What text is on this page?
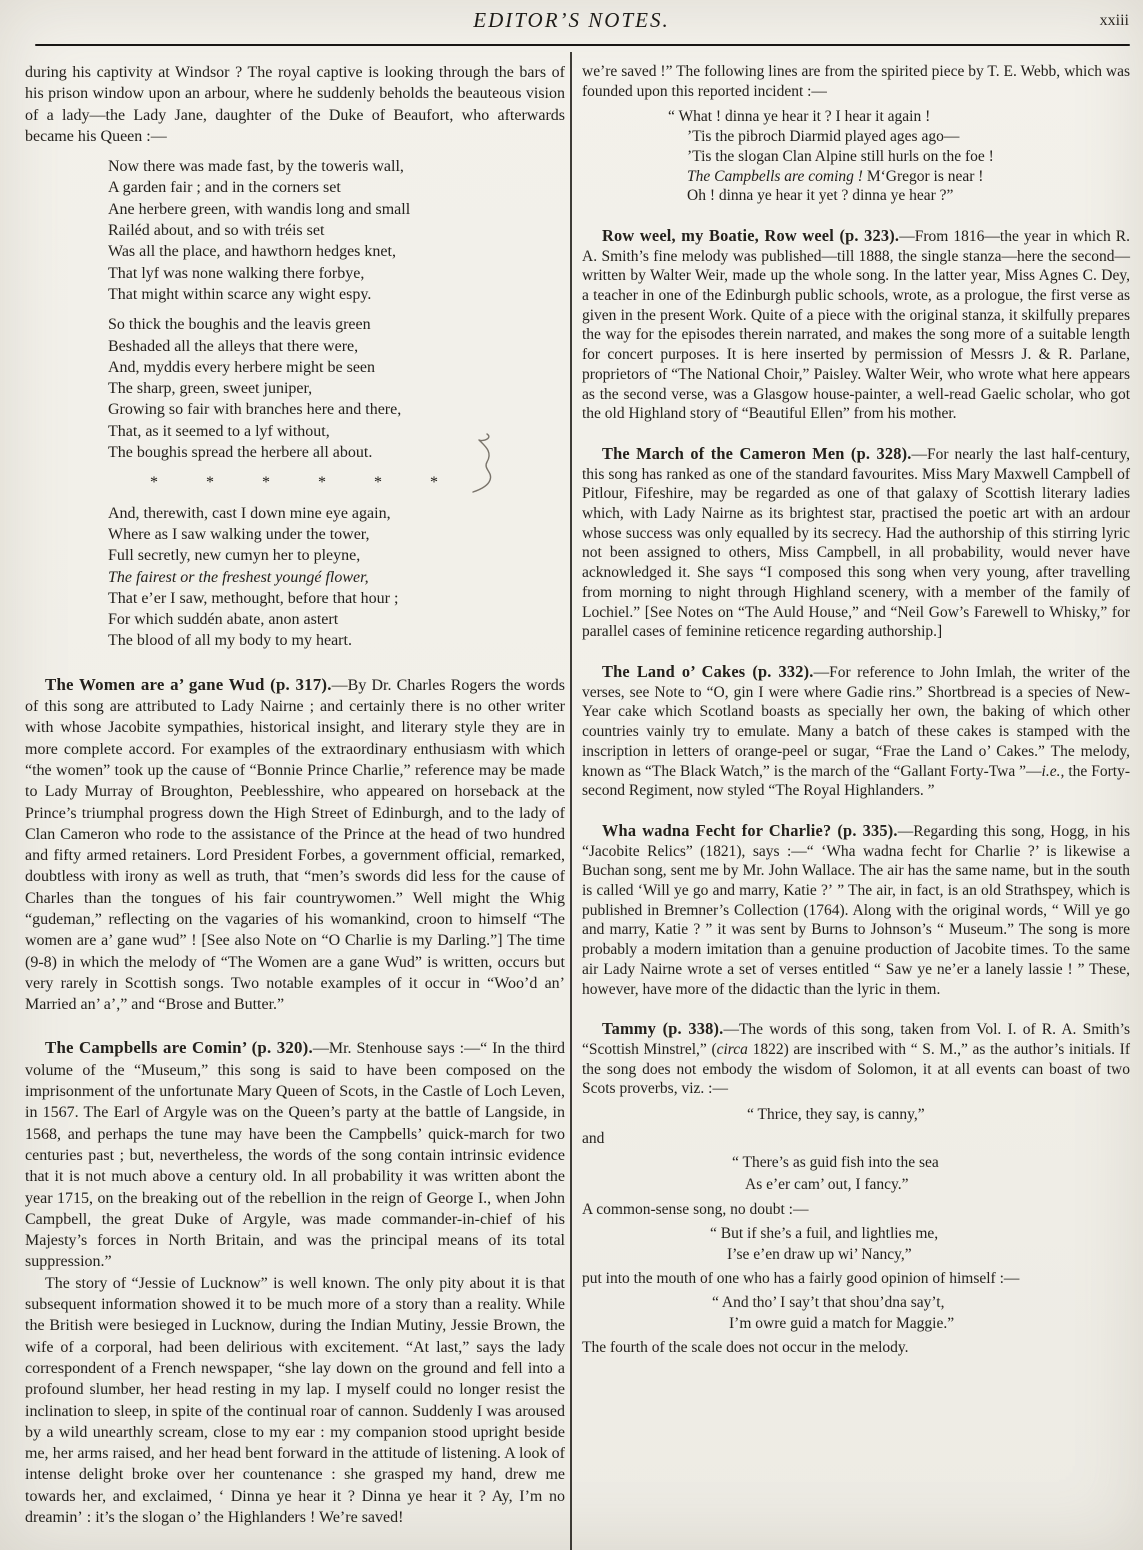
EDITOR’S NOTES.	xxiii

during his captivity at Windsor ? The royal captive is looking through the bars of his prison window upon an arbour, where he suddenly beholds the beauteous vision of a lady—the Lady Jane, daughter of the Duke of Beaufort, who afterwards became his Queen :—

Now there was made fast, by the toweris wall,
A garden fair ; and in the corners set
Ane herbere green, with wandis long and small
Railéd about, and so with tréis set
Was all the place, and hawthorn hedges knet,
That lyf was none walking there forbye,
That might within scarce any wight espy.
So thick the boughis and the leavis green
Beshaded all the alleys that there were,
And, myddis every herbere might be seen
The sharp, green, sweet juniper,
Growing so fair with branches here and there,
That, as it seemed to a lyf without,
The boughis spread the herbere all about.
* * * * * *
And, therewith, cast I down mine eye again,
Where as I saw walking under the tower,
Full secretly, new cumyn her to pleyne,
The fairest or the freshest youngé flower,
That e’er I saw, methought, before that hour ;
For which suddén abate, anon astert
The blood of all my body to my heart.

The Women are a’ gane Wud (p. 317).—By Dr. Charles Rogers the words of this song are attributed to Lady Nairne ; and certainly there is no other writer with whose Jacobite sympathies, historical insight, and literary style they are in more complete accord. For examples of the extraordinary enthusiasm with which “the women” took up the cause of “Bonnie Prince Charlie,” reference may be made to Lady Murray of Broughton, Peeblesshire, who appeared on horseback at the Prince’s triumphal progress down the High Street of Edinburgh, and to the lady of Clan Cameron who rode to the assistance of the Prince at the head of two hundred and fifty armed retainers. Lord President Forbes, a government official, remarked, doubtless with irony as well as truth, that “men’s swords did less for the cause of Charles than the tongues of his fair countrywomen.” Well might the Whig “gudeman,” reflecting on the vagaries of his womankind, croon to himself “The women are a’ gane wud” ! [See also Note on “O Charlie is my Darling.”] The time (9-8) in which the melody of “The Women are a gane Wud” is written, occurs but very rarely in Scottish songs. Two notable examples of it occur in “Woo’d an’ Married an’ a’,” and “Brose and Butter.”

The Campbells are Comin’ (p. 320).—Mr. Stenhouse says :—“ In the third volume of the “Museum,” this song is said to have been composed on the imprisonment of the unfortunate Mary Queen of Scots, in the Castle of Loch Leven, in 1567. The Earl of Argyle was on the Queen’s party at the battle of Langside, in 1568, and perhaps the tune may have been the Campbells’ quick-march for two centuries past ; but, nevertheless, the words of the song contain intrinsic evidence that it is not much above a century old. In all probability it was written abont the year 1715, on the breaking out of the rebellion in the reign of George I., when John Campbell, the great Duke of Argyle, was made commander-in-chief of his Majesty’s forces in North Britain, and was the principal means of its total suppression.”

The story of “Jessie of Lucknow” is well known. The only pity about it is that subsequent information showed it to be much more of a story than a reality. While the British were besieged in Lucknow, during the Indian Mutiny, Jessie Brown, the wife of a corporal, had been delirious with excitement. “At last,” says the lady correspondent of a French newspaper, “she lay down on the ground and fell into a profound slumber, her head resting in my lap. I myself could no longer resist the inclination to sleep, in spite of the continual roar of cannon. Suddenly I was aroused by a wild unearthly scream, close to my ear : my companion stood upright beside me, her arms raised, and her head bent forward in the attitude of listening. A look of intense delight broke over her countenance : she grasped my hand, drew me towards her, and exclaimed, ‘ Dinna ye hear it ? Dinna ye hear it ? Ay, I’m no dreamin’ : it’s the slogan o’ the Highlanders ! We’re saved!

we’re saved !” The following lines are from the spirited piece by T. E. Webb, which was founded upon this reported incident :—

“ What ! dinna ye hear it ? I hear it again !
’Tis the pibroch Diarmid played ages ago—
’Tis the slogan Clan Alpine still hurls on the foe !
The Campbells are coming ! M‘Gregor is near !
Oh ! dinna ye hear it yet ? dinna ye hear ?”

Row weel, my Boatie, Row weel (p. 323).—From 1816—the year in which R. A. Smith’s fine melody was published—till 1888, the single stanza—here the second—written by Walter Weir, made up the whole song. In the latter year, Miss Agnes C. Dey, a teacher in one of the Edinburgh public schools, wrote, as a prologue, the first verse as given in the present Work. Quite of a piece with the original stanza, it skilfully prepares the way for the episodes therein narrated, and makes the song more of a suitable length for concert purposes. It is here inserted by permission of Messrs J. & R. Parlane, proprietors of “The National Choir,” Paisley. Walter Weir, who wrote what here appears as the second verse, was a Glasgow house-painter, a well-read Gaelic scholar, who got the old Highland story of “Beautiful Ellen” from his mother.

The March of the Cameron Men (p. 328).—For nearly the last half-century, this song has ranked as one of the standard favourites. Miss Mary Maxwell Campbell of Pitlour, Fifeshire, may be regarded as one of that galaxy of Scottish literary ladies which, with Lady Nairne as its brightest star, practised the poetic art with an ardour whose success was only equalled by its secrecy. Had the authorship of this stirring lyric not been assigned to others, Miss Campbell, in all probability, would never have acknowledged it. She says “I composed this song when very young, after travelling from morning to night through Highland scenery, with a member of the family of Lochiel.” [See Notes on “The Auld House,” and “Neil Gow’s Farewell to Whisky,” for parallel cases of feminine reticence regarding authorship.]

The Land o’ Cakes (p. 332).—For reference to John Imlah, the writer of the verses, see Note to “O, gin I were where Gadie rins.” Shortbread is a species of New-Year cake which Scotland boasts as specially her own, the baking of which other countries vainly try to emulate. Many a batch of these cakes is stamped with the inscription in letters of orange-peel or sugar, “Frae the Land o’ Cakes.” The melody, known as “The Black Watch,” is the march of the “Gallant Forty-Twa ”—i.e., the Forty-second Regiment, now styled “The Royal Highlanders. ”

Wha wadna Fecht for Charlie? (p. 335).—Regarding this song, Hogg, in his “Jacobite Relics” (1821), says :—“ ‘Wha wadna fecht for Charlie ?’ is likewise a Buchan song, sent me by Mr. John Wallace. The air has the same name, but in the south is called ‘Will ye go and marry, Katie ?’ ” The air, in fact, is an old Strathspey, which is published in Bremner’s Collection (1764). Along with the original words, “ Will ye go and marry, Katie ? ” it was sent by Burns to Johnson’s “ Museum.” The song is more probably a modern imitation than a genuine production of Jacobite times. To the same air Lady Nairne wrote a set of verses entitled “ Saw ye ne’er a lanely lassie ! ” These, however, have more of the didactic than the lyric in them.

Tammy (p. 338).—The words of this song, taken from Vol. I. of R. A. Smith’s “Scottish Minstrel,” (circa 1822) are inscribed with “ S. M.,” as the author’s initials. If the song does not embody the wisdom of Solomon, it at all events can boast of two Scots proverbs, viz. :—

“ Thrice, they say, is canny,”
and
“ There’s as guid fish into the sea
As e’er cam’ out, I fancy.”
A common-sense song, no doubt :—
“ But if she’s a fuil, and lightlies me,
I’se e’en draw up wi’ Nancy,”
put into the mouth of one who has a fairly good opinion of himself :—
“ And tho’ I say’t that shou’dna say’t,
I’m owre guid a match for Maggie.”
The fourth of the scale does not occur in the melody.
